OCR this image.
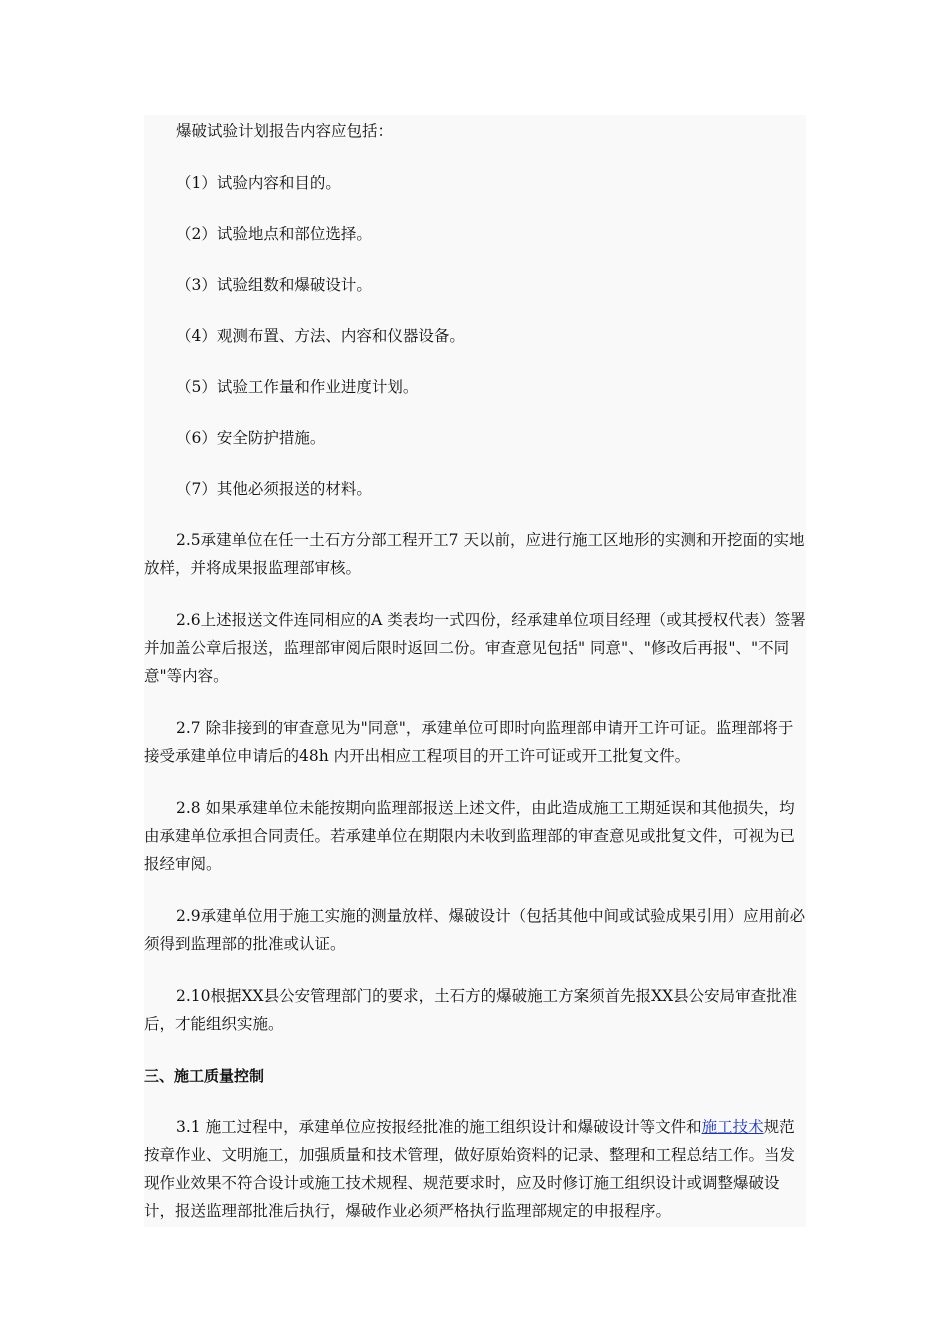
爆破试验计划报告内容应包括：

（1）试验内容和目的。

（2）试验地点和部位选择。

（3）试验组数和爆破设计。

（4）观测布置、方法、内容和仪器设备。

（5）试验工作量和作业进度计划。

（6）安全防护措施。

（7）其他必须报送的材料。

2.5承建单位在任一土石方分部工程开工7 天以前，应进行施工区地形的实测和开挖面的实地放样，并将成果报监理部审核。

2.6上述报送文件连同相应的A 类表均一式四份，经承建单位项目经理（或其授权代表）签署并加盖公章后报送，监理部审阅后限时返回二份。审查意见包括" 同意"、"修改后再报"、"不同意"等内容。

2.7 除非接到的审查意见为"同意"，承建单位可即时向监理部申请开工许可证。监理部将于接受承建单位申请后的48h 内开出相应工程项目的开工许可证或开工批复文件。

2.8 如果承建单位未能按期向监理部报送上述文件，由此造成施工工期延误和其他损失，均由承建单位承担合同责任。若承建单位在期限内未收到监理部的审查意见或批复文件，可视为已报经审阅。

2.9承建单位用于施工实施的测量放样、爆破设计（包括其他中间或试验成果引用）应用前必须得到监理部的批准或认证。

2.10根据XX县公安管理部门的要求，土石方的爆破施工方案须首先报XX县公安局审查批准后，才能组织实施。

三、施工质量控制

3.1 施工过程中，承建单位应按报经批准的施工组织设计和爆破设计等文件和施工技术规范按章作业、文明施工，加强质量和技术管理，做好原始资料的记录、整理和工程总结工作。当发现作业效果不符合设计或施工技术规程、规范要求时，应及时修订施工组织设计或调整爆破设计，报送监理部批准后执行，爆破作业必须严格执行监理部规定的申报程序。
